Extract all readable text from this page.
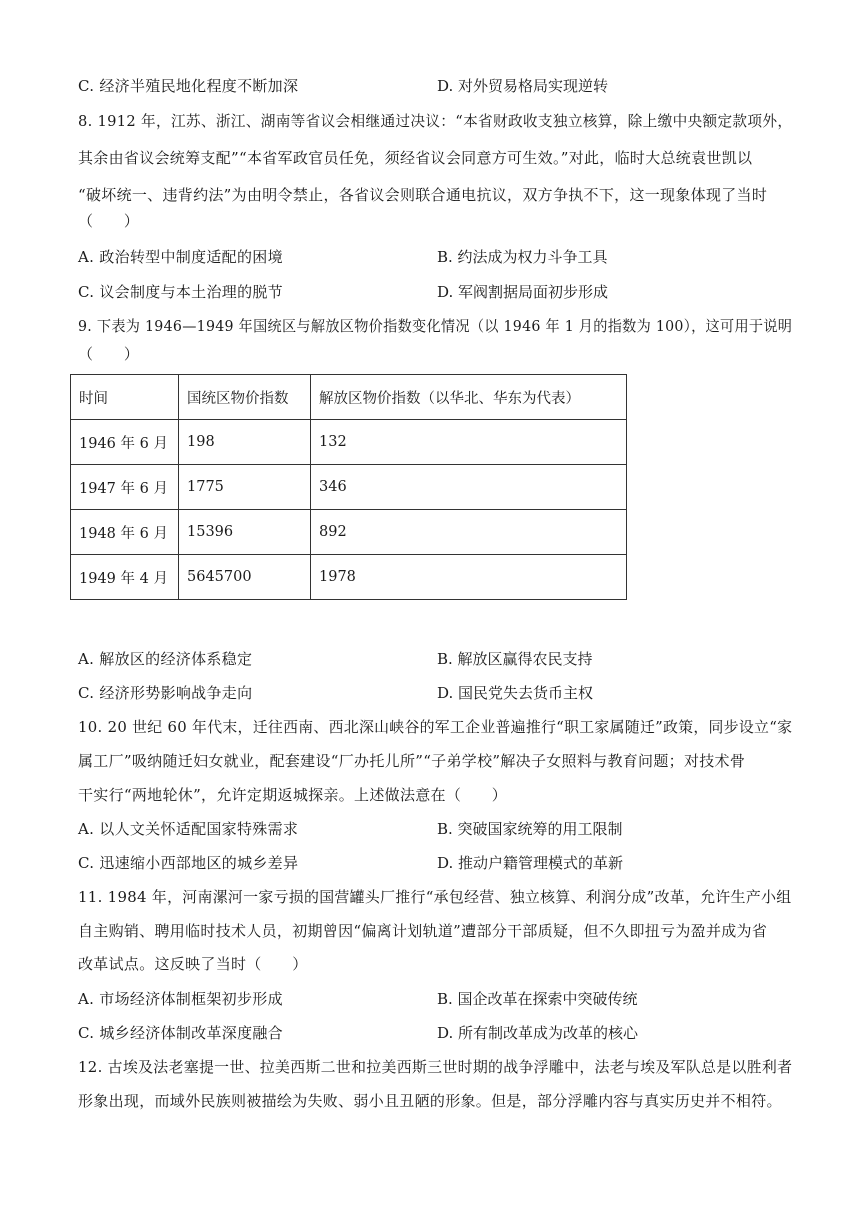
C. 经济半殖民地化程度不断加深	D. 对外贸易格局实现逆转
8. 1912 年，江苏、浙江、湖南等省议会相继通过决议：“本省财政收支独立核算，除上缴中央额定款项外，
其余由省议会统筹支配”“本省军政官员任免，须经省议会同意方可生效。”对此，临时大总统袁世凯以
“破坏统一、违背约法”为由明令禁止，各省议会则联合通电抗议，双方争执不下，这一现象体现了当时
（　　）
A. 政治转型中制度适配的困境	B. 约法成为权力斗争工具
C. 议会制度与本土治理的脱节	D. 军阀割据局面初步形成
9. 下表为 1946—1949 年国统区与解放区物价指数变化情况（以 1946 年 1 月的指数为 100），这可用于说明
（　　）
时间	国统区物价指数	解放区物价指数（以华北、华东为代表）
1946 年 6 月	198	132
1947 年 6 月	1775	346
1948 年 6 月	15396	892
1949 年 4 月	5645700	1978
A. 解放区的经济体系稳定	B. 解放区赢得农民支持
C. 经济形势影响战争走向	D. 国民党失去货币主权
10. 20 世纪 60 年代末，迁往西南、西北深山峡谷的军工企业普遍推行“职工家属随迁”政策，同步设立“家
属工厂”吸纳随迁妇女就业，配套建设“厂办托儿所”“子弟学校”解决子女照料与教育问题；对技术骨
干实行“两地轮休”，允许定期返城探亲。上述做法意在（　　）
A. 以人文关怀适配国家特殊需求	B. 突破国家统筹的用工限制
C. 迅速缩小西部地区的城乡差异	D. 推动户籍管理模式的革新
11. 1984 年，河南漯河一家亏损的国营罐头厂推行“承包经营、独立核算、利润分成”改革，允许生产小组
自主购销、聘用临时技术人员，初期曾因“偏离计划轨道”遭部分干部质疑，但不久即扭亏为盈并成为省
改革试点。这反映了当时（　　）
A. 市场经济体制框架初步形成	B. 国企改革在探索中突破传统
C. 城乡经济体制改革深度融合	D. 所有制改革成为改革的核心
12. 古埃及法老塞提一世、拉美西斯二世和拉美西斯三世时期的战争浮雕中，法老与埃及军队总是以胜利者
形象出现，而域外民族则被描绘为失败、弱小且丑陋的形象。但是，部分浮雕内容与真实历史并不相符。
